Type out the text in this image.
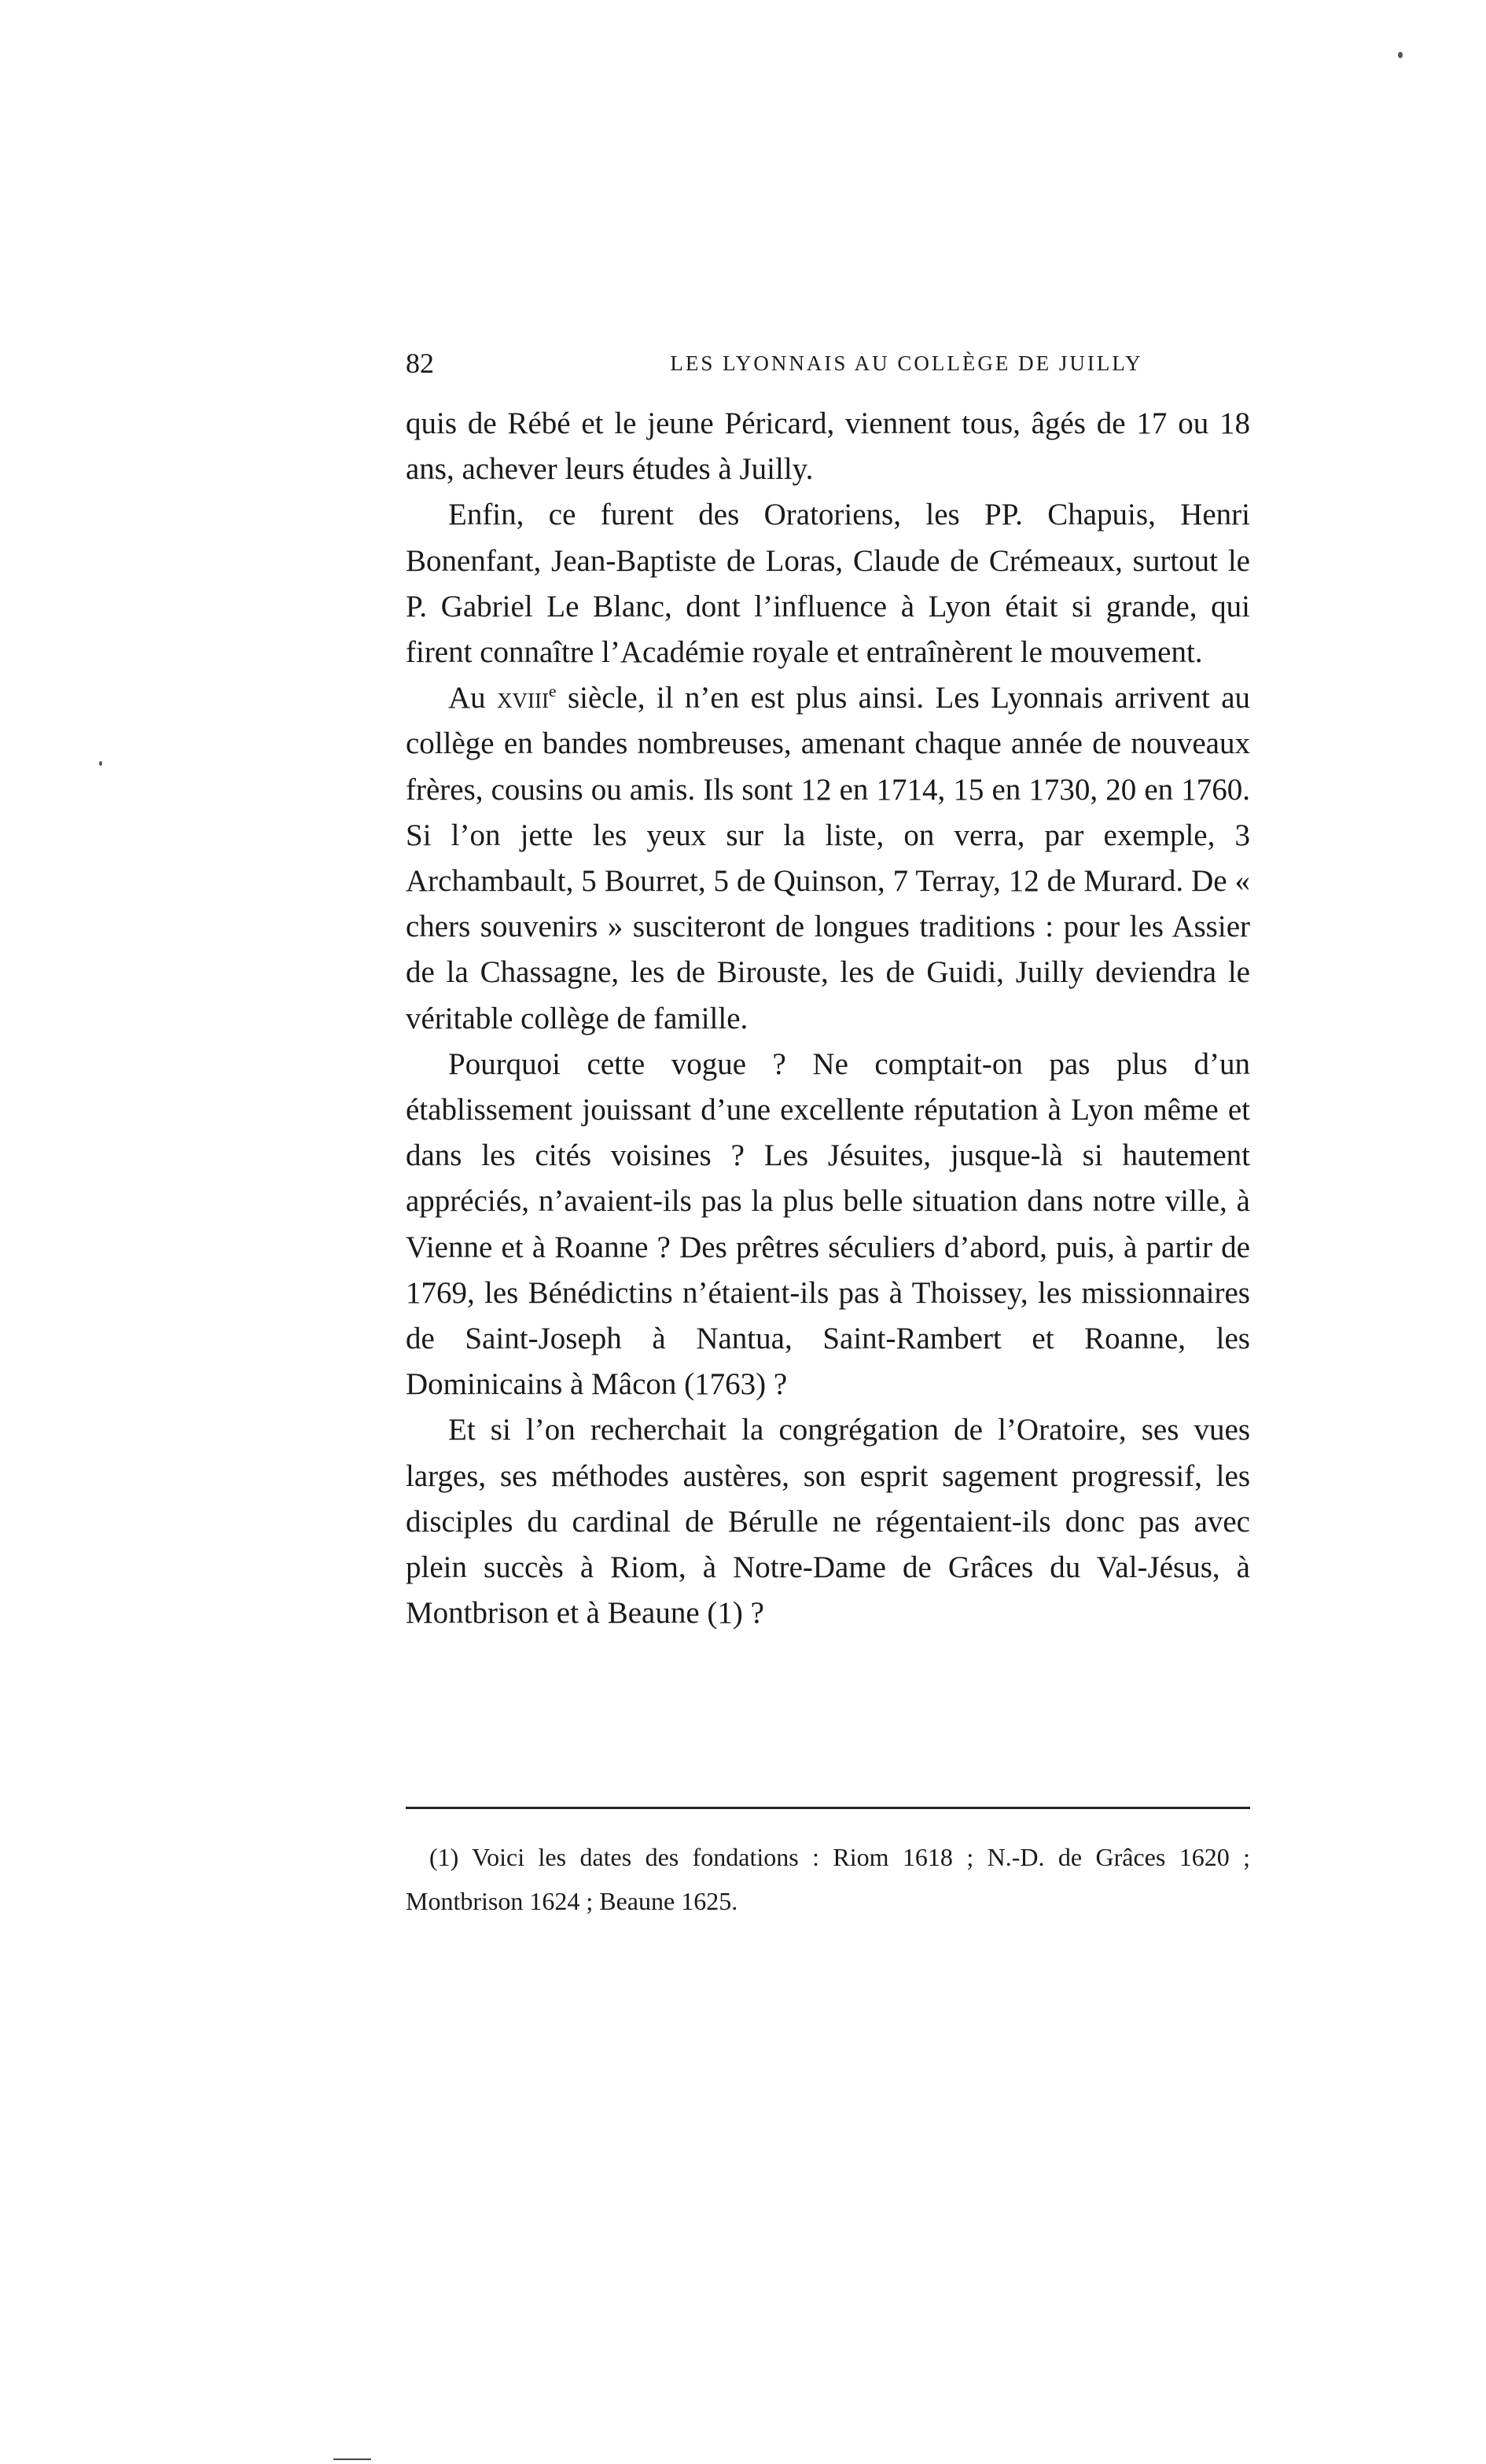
82	LES LYONNAIS AU COLLÈGE DE JUILLY

quis de Rébé et le jeune Péricard, viennent tous, âgés de 17 ou 18 ans, achever leurs études à Juilly.

Enfin, ce furent des Oratoriens, les PP. Chapuis, Henri Bonenfant, Jean-Baptiste de Loras, Claude de Crémeaux, surtout le P. Gabriel Le Blanc, dont l’influence à Lyon était si grande, qui firent connaître l’Académie royale et entraînèrent le mouvement.

Au xviii$^e$ siècle, il n’en est plus ainsi. Les Lyonnais arrivent au collège en bandes nombreuses, amenant chaque année de nouveaux frères, cousins ou amis. Ils sont 12 en 1714, 15 en 1730, 20 en 1760. Si l’on jette les yeux sur la liste, on verra, par exemple, 3 Archambault, 5 Bourret, 5 de Quinson, 7 Terray, 12 de Murard. De « chers souvenirs » susciteront de longues traditions : pour les Assier de la Chassagne, les de Birouste, les de Guidi, Juilly deviendra le véritable collège de famille.

Pourquoi cette vogue ? Ne comptait-on pas plus d’un établissement jouissant d’une excellente réputation à Lyon même et dans les cités voisines ? Les Jésuites, jusque-là si hautement appréciés, n’avaient-ils pas la plus belle situation dans notre ville, à Vienne et à Roanne ? Des prêtres séculiers d’abord, puis, à partir de 1769, les Bénédictins n’étaient-ils pas à Thoissey, les missionnaires de Saint-Joseph à Nantua, Saint-Rambert et Roanne, les Dominicains à Mâcon (1763) ?

Et si l’on recherchait la congrégation de l’Oratoire, ses vues larges, ses méthodes austères, son esprit sagement progressif, les disciples du cardinal de Bérulle ne régentaient-ils donc pas avec plein succès à Riom, à Notre-Dame de Grâces du Val-Jésus, à Montbrison et à Beaune (1) ?

(1) Voici les dates des fondations : Riom 1618 ; N.-D. de Grâces 1620 ; Montbrison 1624 ; Beaune 1625.
